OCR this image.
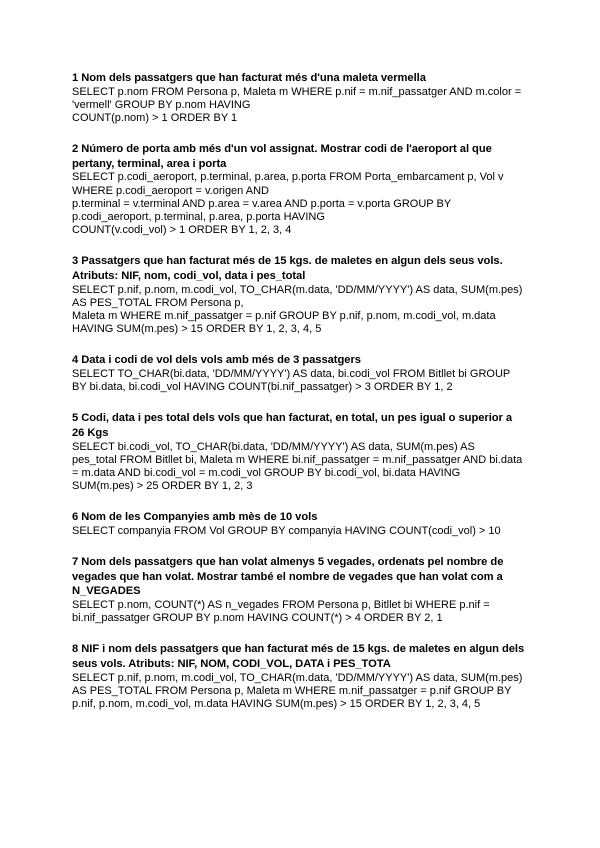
1 Nom dels passatgers que han facturat més d'una maleta vermella
SELECT p.nom FROM Persona p, Maleta m WHERE p.nif = m.nif_passatger AND m.color =
'vermell' GROUP BY p.nom HAVING
COUNT(p.nom) > 1 ORDER BY 1
2 Número de porta amb més d'un vol assignat. Mostrar codi de l'aeroport al que
pertany, terminal, area i porta
SELECT p.codi_aeroport, p.terminal, p.area, p.porta FROM Porta_embarcament p, Vol v
WHERE p.codi_aeroport = v.origen AND
p.terminal = v.terminal AND p.area = v.area AND p.porta = v.porta GROUP BY
p.codi_aeroport, p.terminal, p.area, p.porta HAVING
COUNT(v.codi_vol) > 1 ORDER BY 1, 2, 3, 4
3 Passatgers que han facturat més de 15 kgs. de maletes en algun dels seus vols.
Atributs: NIF, nom, codi_vol, data i pes_total
SELECT p.nif, p.nom, m.codi_vol, TO_CHAR(m.data, 'DD/MM/YYYY') AS data, SUM(m.pes)
AS PES_TOTAL FROM Persona p,
Maleta m WHERE m.nif_passatger = p.nif GROUP BY p.nif, p.nom, m.codi_vol, m.data
HAVING SUM(m.pes) > 15 ORDER BY 1, 2, 3, 4, 5
4 Data i codi de vol dels vols amb més de 3 passatgers
SELECT TO_CHAR(bi.data, 'DD/MM/YYYY') AS data, bi.codi_vol FROM Bitllet bi GROUP
BY bi.data, bi.codi_vol HAVING COUNT(bi.nif_passatger) > 3 ORDER BY 1, 2
5 Codi, data i pes total dels vols que han facturat, en total, un pes igual o superior a
26 Kgs
SELECT bi.codi_vol, TO_CHAR(bi.data, 'DD/MM/YYYY') AS data, SUM(m.pes) AS
pes_total FROM Bitllet bi, Maleta m WHERE bi.nif_passatger = m.nif_passatger AND bi.data
= m.data AND bi.codi_vol = m.codi_vol GROUP BY bi.codi_vol, bi.data HAVING
SUM(m.pes) > 25 ORDER BY 1, 2, 3
6 Nom de les Companyies amb mès de 10 vols
SELECT companyia FROM Vol GROUP BY companyia HAVING COUNT(codi_vol) > 10
7 Nom dels passatgers que han volat almenys 5 vegades, ordenats pel nombre de
vegades que han volat. Mostrar també el nombre de vegades que han volat com a
N_VEGADES
SELECT p.nom, COUNT(*) AS n_vegades FROM Persona p, Bitllet bi WHERE p.nif =
bi.nif_passatger GROUP BY p.nom HAVING COUNT(*) > 4 ORDER BY 2, 1
8 NIF i nom dels passatgers que han facturat més de 15 kgs. de maletes en algun dels
seus vols. Atributs: NIF, NOM, CODI_VOL, DATA i PES_TOTA
SELECT p.nif, p.nom, m.codi_vol, TO_CHAR(m.data, 'DD/MM/YYYY') AS data, SUM(m.pes)
AS PES_TOTAL FROM Persona p, Maleta m WHERE m.nif_passatger = p.nif GROUP BY
p.nif, p.nom, m.codi_vol, m.data HAVING SUM(m.pes) > 15 ORDER BY 1, 2, 3, 4, 5
